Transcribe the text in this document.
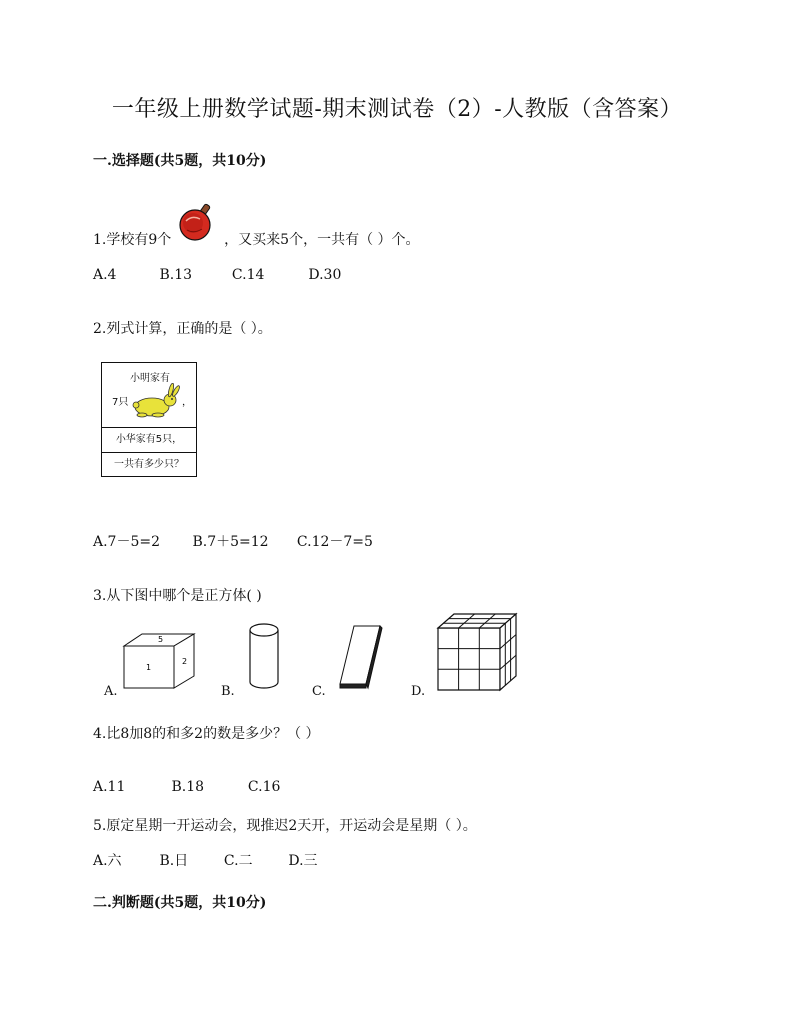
一年级上册数学试题-期末测试卷（2）-人教版（含答案）
一.选择题(共5题，共10分)
1.学校有9个	，又买来5个，一共有（ ）个。
A.4	B.13	C.14	D.30
2.列式计算，正确的是（ ）。
小明家有
7只	，
小华家有5只，
一共有多少只？
A.7－5=2 B.7＋5=12 C.12－7=5
3.从下图中哪个是正方体( )
A.
1
2
5
B.	C.	D.
4.比8加8的和多2的数是多少？（ ）
A.11	B.18	C.16
5.原定星期一开运动会，现推迟2天开，开运动会是星期（ ）。
A.六	B.日	C.二	D.三
二.判断题(共5题，共10分)
